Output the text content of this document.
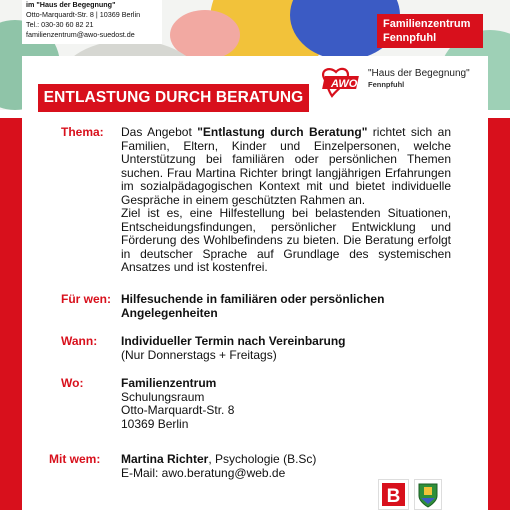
im "Haus der Begegnung"
Otto-Marquardt-Str. 8 | 10369 Berlin
Tel.: 030-30 60 82 21
familienzentrum@awo-suedost.de
Familienzentrum
Fennpfuhl
ENTLASTUNG DURCH BERATUNG
AWO
"Haus der Begegnung"
Fennpfuhl
Thema: Das Angebot "Entlastung durch Beratung" richtet sich an Familien, Eltern, Kinder und Einzelpersonen, welche Unterstützung bei familiären oder persönlichen Themen suchen. Frau Martina Richter bringt langjährigen Erfahrungen im sozialpädagogischen Kontext mit und bietet individuelle Gespräche in einem geschützten Rahmen an.

Ziel ist es, eine Hilfestellung bei belastenden Situationen, Entscheidungsfindungen, persönlicher Entwicklung und Förderung des Wohlbefindens zu bieten. Die Beratung erfolgt in deutscher Sprache auf Grundlage des systemischen Ansatzes und ist kostenfrei.

Für wen: Hilfesuchende in familiären oder persönlichen
Angelegenheiten
Wann: Individueller Termin nach Vereinbarung
(Nur Donnerstags + Freitags)
Wo:	Familienzentrum
Schulungsraum
Otto-Marquardt-Str. 8
10369 Berlin
Mit wem: Martina Richter, Psychologie (B.Sc)
E-Mail: awo.beratung@web.de
B
